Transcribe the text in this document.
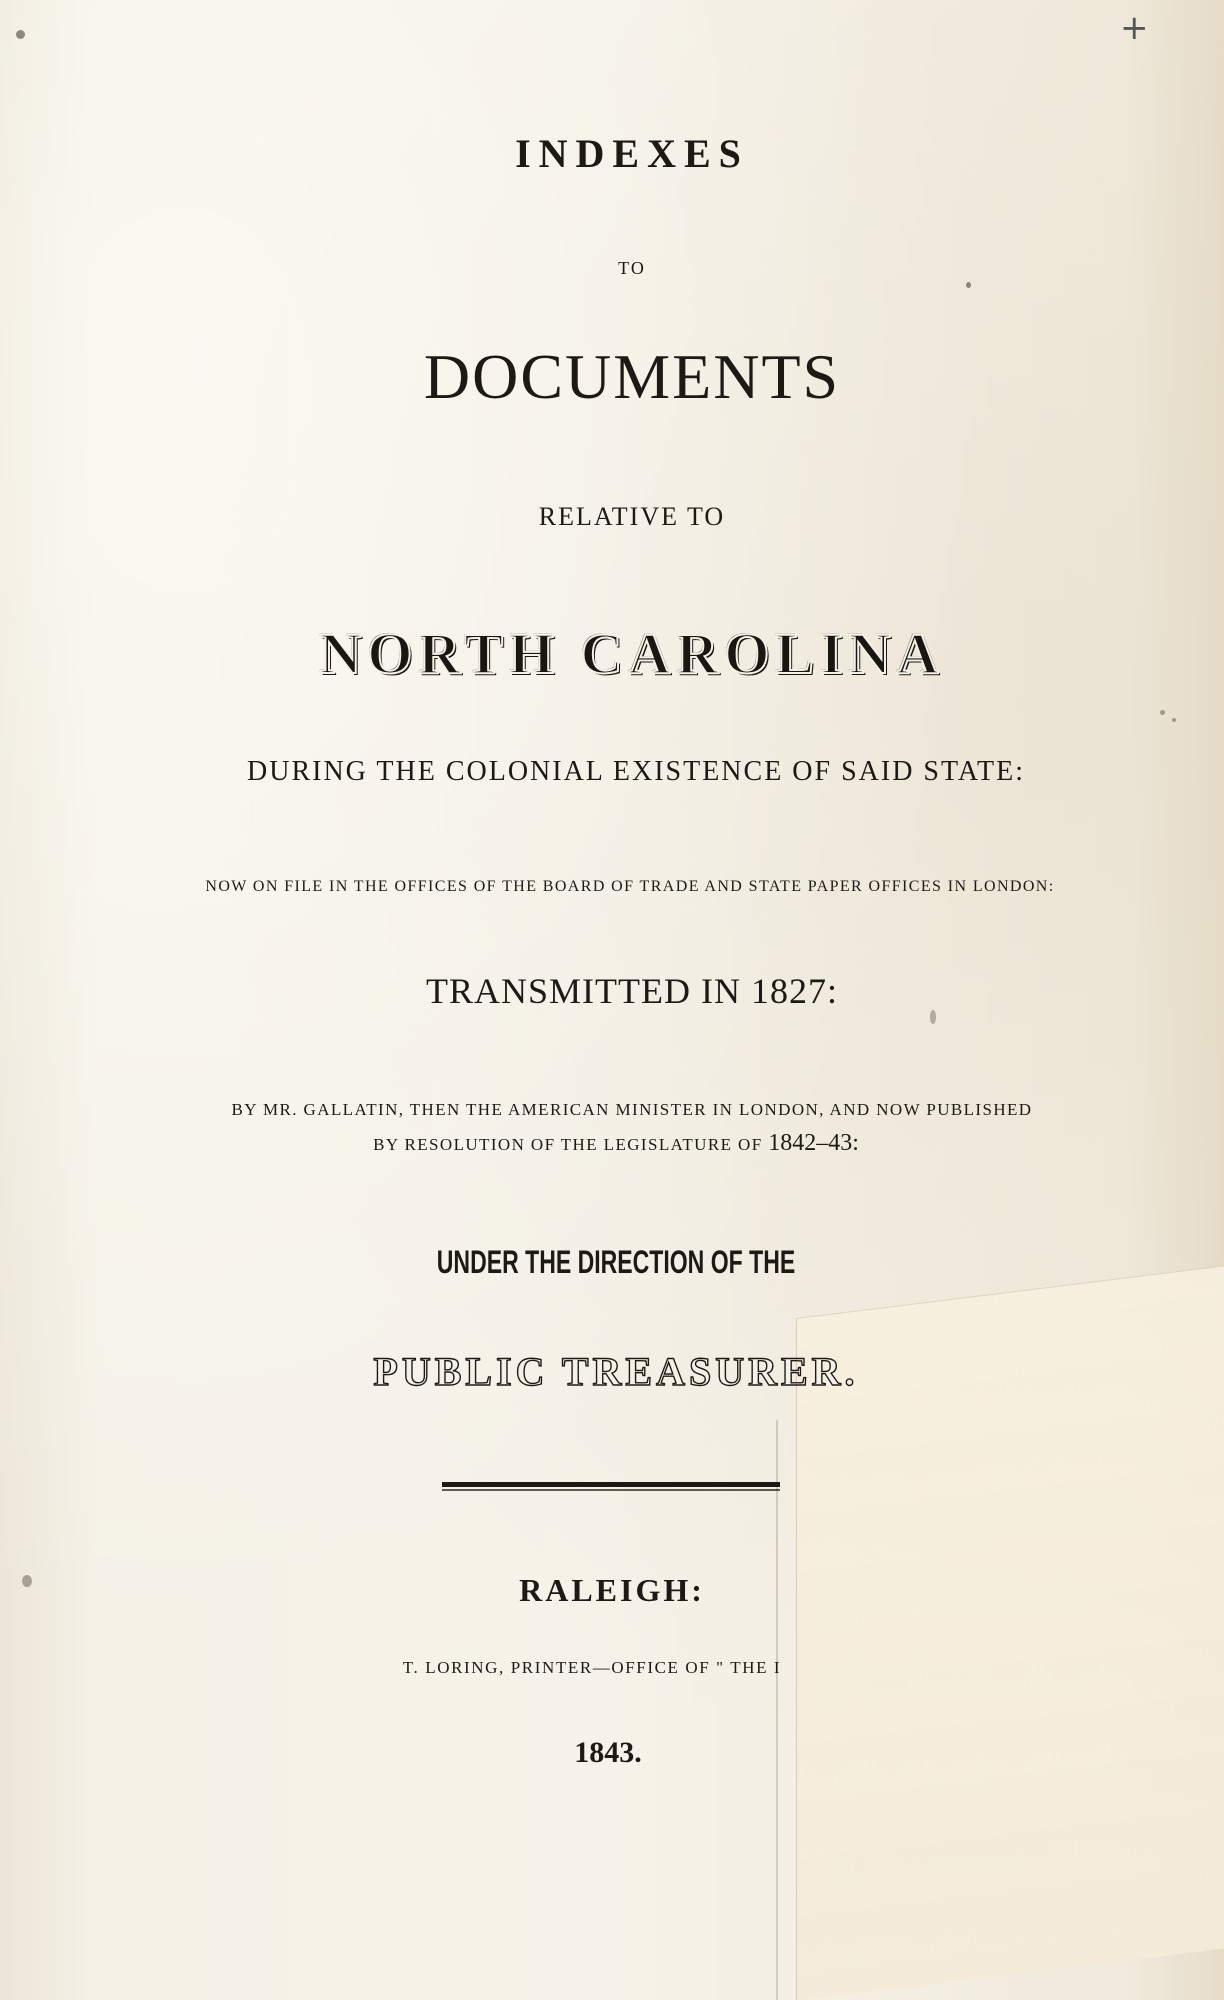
+
INDEXES
TO
DOCUMENTS
RELATIVE TO
NORTH CAROLINA
DURING THE COLONIAL EXISTENCE OF SAID STATE:
NOW ON FILE IN THE OFFICES OF THE BOARD OF TRADE AND STATE PAPER OFFICES IN LONDON:
TRANSMITTED IN 1827:
BY MR. GALLATIN, THEN THE AMERICAN MINISTER IN LONDON, AND NOW PUBLISHED
BY RESOLUTION OF THE LEGISLATURE OF 1842–43:
UNDER THE DIRECTION OF THE
PUBLIC TREASURER.
RALEIGH:
T. LORING, PRINTER—OFFICE OF " THE I
1843.
